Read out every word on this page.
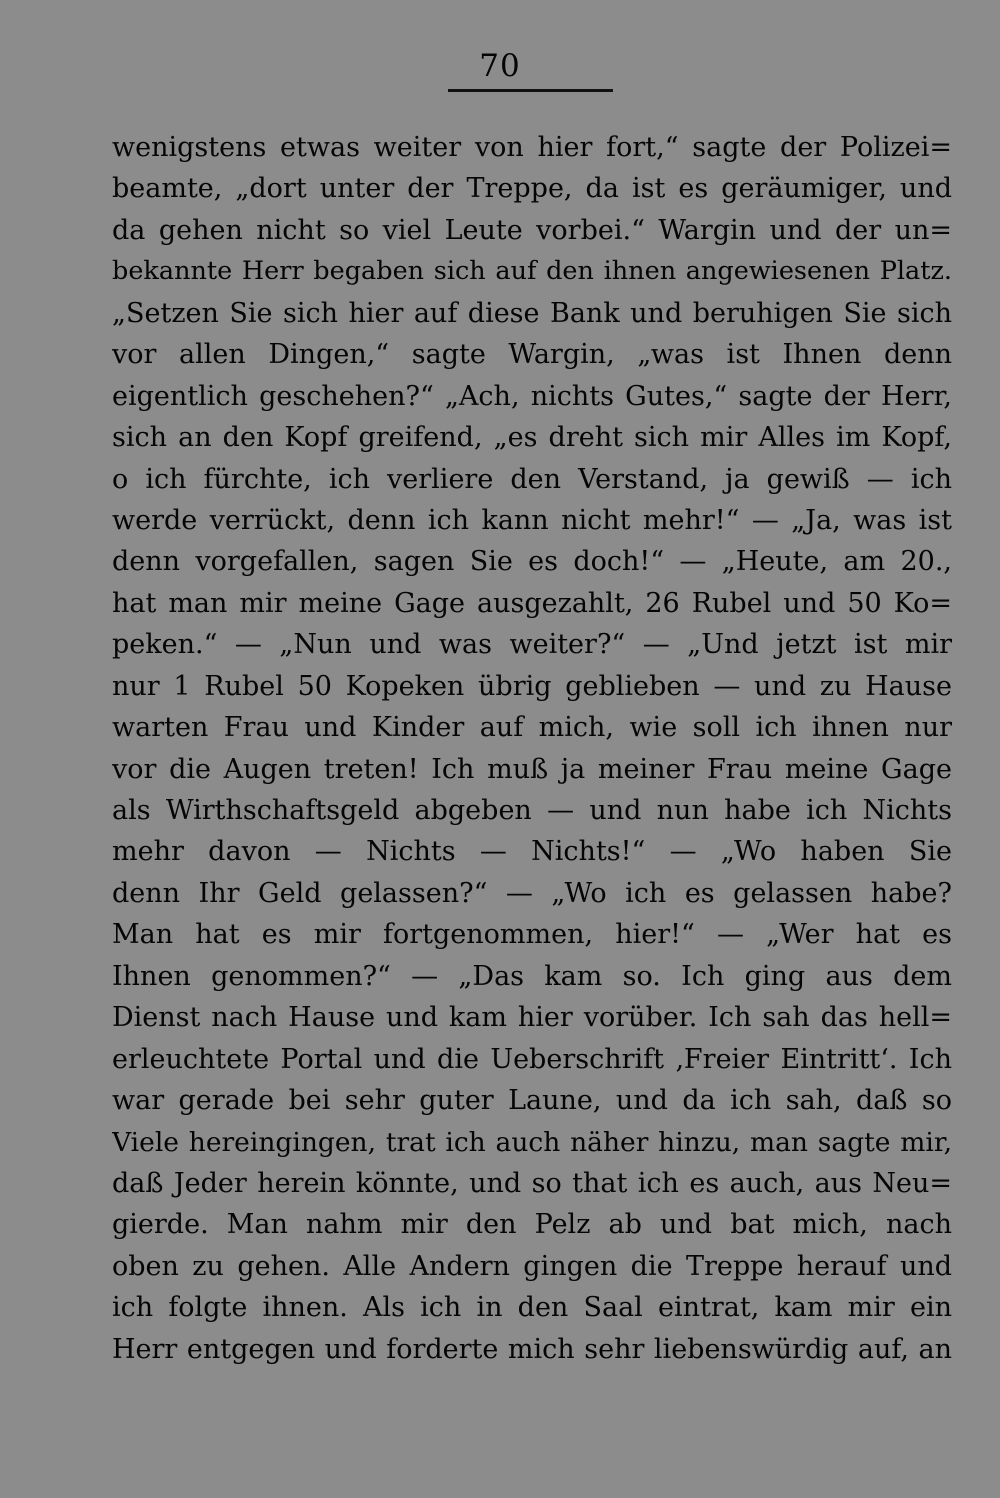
70
wenigstens etwas weiter von hier fort,“ sagte der Polizei=
beamte, „dort unter der Treppe, da ist es geräumiger, und
da gehen nicht so viel Leute vorbei.“ Wargin und der un=
bekannte Herr begaben sich auf den ihnen angewiesenen Platz.
„Setzen Sie sich hier auf diese Bank und beruhigen Sie sich
vor allen Dingen,“ sagte Wargin, „was ist Ihnen denn
eigentlich geschehen?“ „Ach, nichts Gutes,“ sagte der Herr,
sich an den Kopf greifend, „es dreht sich mir Alles im Kopf,
o ich fürchte, ich verliere den Verstand, ja gewiß — ich
werde verrückt, denn ich kann nicht mehr!“ — „Ja, was ist
denn vorgefallen, sagen Sie es doch!“ — „Heute, am 20.,
hat man mir meine Gage ausgezahlt, 26 Rubel und 50 Ko=
peken.“ — „Nun und was weiter?“ — „Und jetzt ist mir
nur 1 Rubel 50 Kopeken übrig geblieben — und zu Hause
warten Frau und Kinder auf mich, wie soll ich ihnen nur
vor die Augen treten! Ich muß ja meiner Frau meine Gage
als Wirthschaftsgeld abgeben — und nun habe ich Nichts
mehr davon — Nichts — Nichts!“ — „Wo haben Sie
denn Ihr Geld gelassen?“ — „Wo ich es gelassen habe?
Man hat es mir fortgenommen, hier!“ — „Wer hat es
Ihnen genommen?“ — „Das kam so. Ich ging aus dem
Dienst nach Hause und kam hier vorüber. Ich sah das hell=
erleuchtete Portal und die Ueberschrift ‚Freier Eintritt‘. Ich
war gerade bei sehr guter Laune, und da ich sah, daß so
Viele hereingingen, trat ich auch näher hinzu, man sagte mir,
daß Jeder herein könnte, und so that ich es auch, aus Neu=
gierde. Man nahm mir den Pelz ab und bat mich, nach
oben zu gehen. Alle Andern gingen die Treppe herauf und
ich folgte ihnen. Als ich in den Saal eintrat, kam mir ein
Herr entgegen und forderte mich sehr liebenswürdig auf, an
